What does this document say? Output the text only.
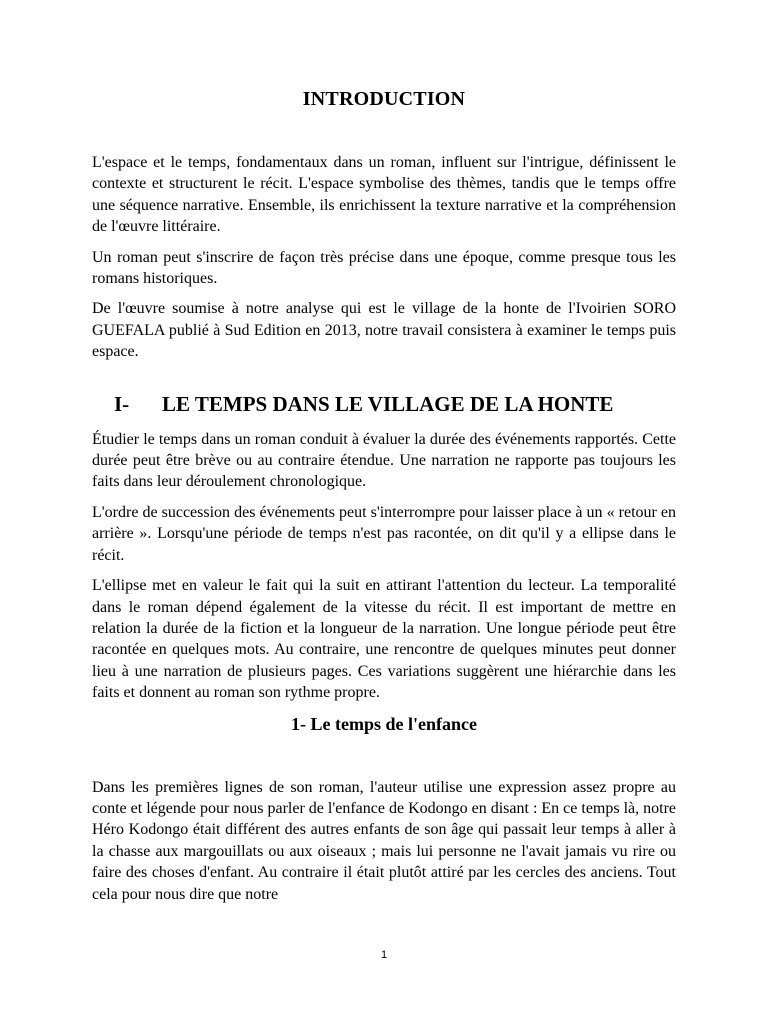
INTRODUCTION

L'espace et le temps, fondamentaux dans un roman, influent sur l'intrigue, définissent le contexte et structurent le récit. L'espace symbolise des thèmes, tandis que le temps offre une séquence narrative. Ensemble, ils enrichissent la texture narrative et la compréhension de l'œuvre littéraire.

Un roman peut s'inscrire de façon très précise dans une époque, comme presque tous les romans historiques.

De l'œuvre soumise à notre analyse qui est le village de la honte de l'Ivoirien SORO GUEFALA publié à Sud Edition en 2013, notre travail consistera à examiner le temps puis espace.

I-	LE TEMPS DANS LE VILLAGE DE LA HONTE

Étudier le temps dans un roman conduit à évaluer la durée des événements rapportés. Cette durée peut être brève ou au contraire étendue. Une narration ne rapporte pas toujours les faits dans leur déroulement chronologique.

L'ordre de succession des événements peut s'interrompre pour laisser place à un « retour en arrière ». Lorsqu'une période de temps n'est pas racontée, on dit qu'il y a ellipse dans le récit.

L'ellipse met en valeur le fait qui la suit en attirant l'attention du lecteur. La temporalité dans le roman dépend également de la vitesse du récit. Il est important de mettre en relation la durée de la fiction et la longueur de la narration. Une longue période peut être racontée en quelques mots. Au contraire, une rencontre de quelques minutes peut donner lieu à une narration de plusieurs pages. Ces variations suggèrent une hiérarchie dans les faits et donnent au roman son rythme propre.

1- Le temps de l'enfance

Dans les premières lignes de son roman, l'auteur utilise une expression assez propre au conte et légende pour nous parler de l'enfance de Kodongo en disant : En ce temps là, notre Héro Kodongo était différent des autres enfants de son âge qui passait leur temps à aller à la chasse aux margouillats ou aux oiseaux ; mais lui personne ne l'avait jamais vu rire ou faire des choses d'enfant. Au contraire il était plutôt attiré par les cercles des anciens. Tout cela pour nous dire que notre

1
